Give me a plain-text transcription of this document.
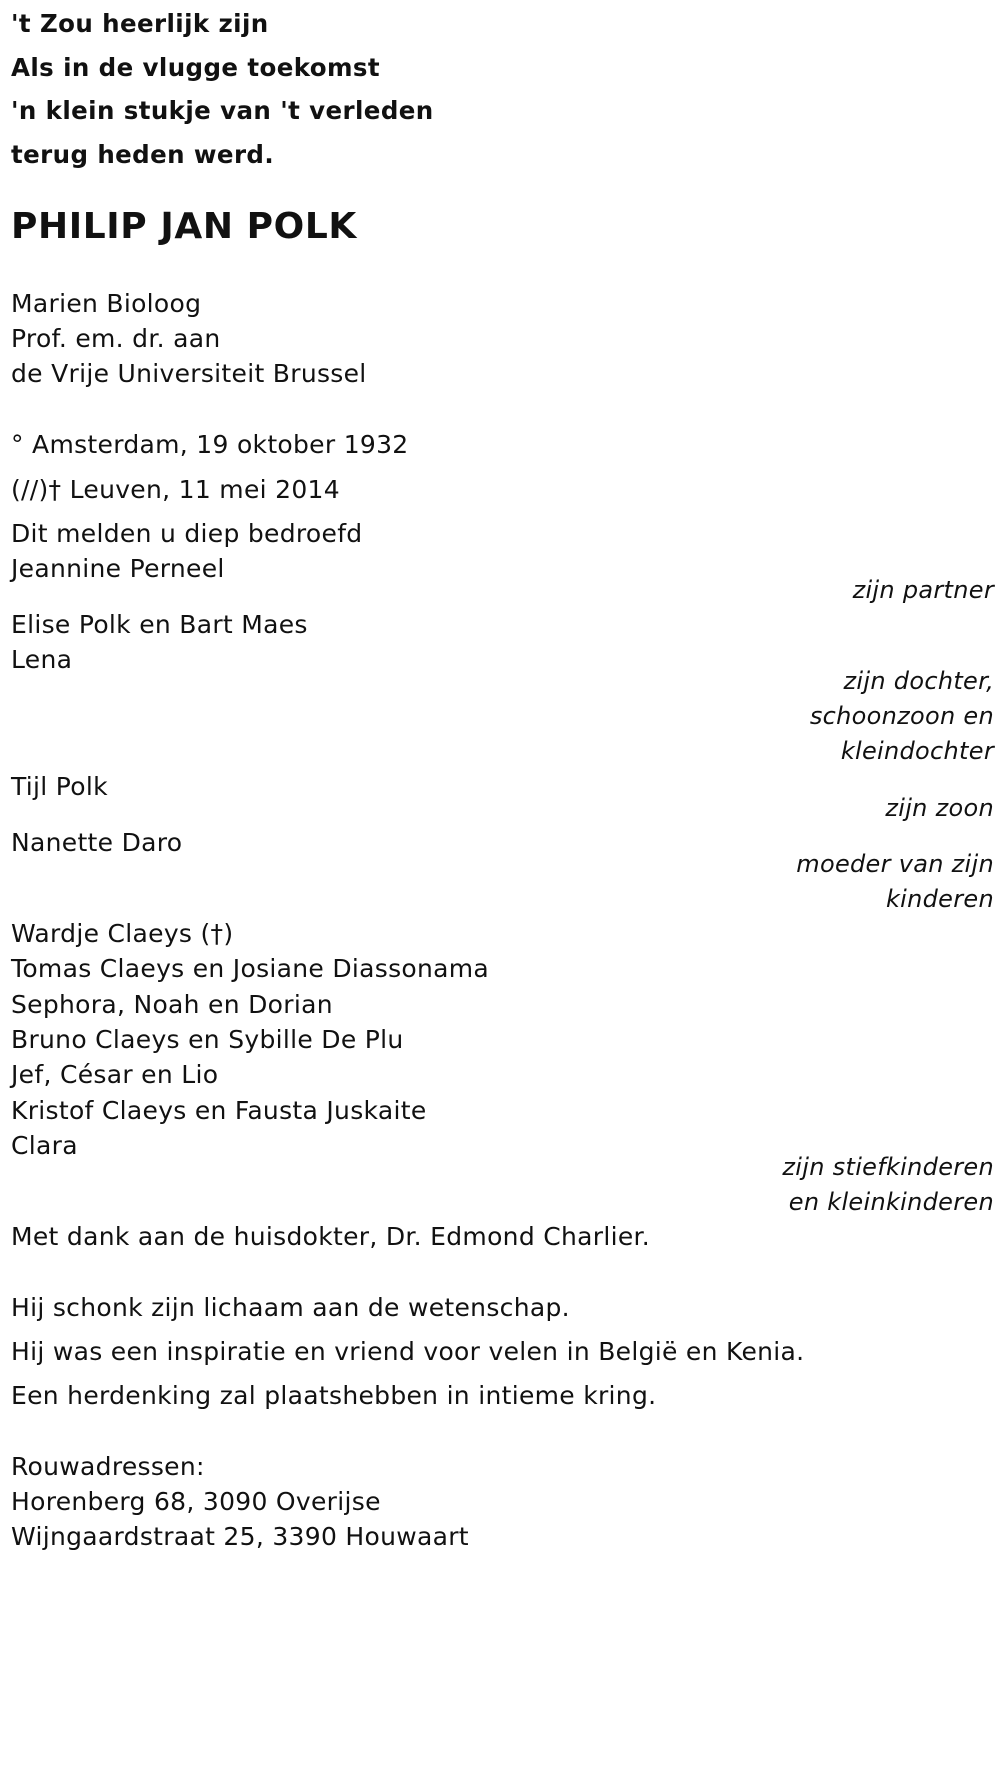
't Zou heerlijk zijn
Als in de vlugge toekomst
'n klein stukje van 't verleden
terug heden werd.
PHILIP JAN POLK
Marien Bioloog
Prof. em. dr. aan
de Vrije Universiteit Brussel
° Amsterdam, 19 oktober 1932
(//)† Leuven, 11 mei 2014
Dit melden u diep bedroefd
Jeannine Perneel
zijn partner
Elise Polk en Bart Maes
Lena
zijn dochter,
schoonzoon en
kleindochter
Tijl Polk
zijn zoon
Nanette Daro
moeder van zijn
kinderen
Wardje Claeys (†)
Tomas Claeys en Josiane Diassonama
Sephora, Noah en Dorian
Bruno Claeys en Sybille De Plu
Jef, César en Lio
Kristof Claeys en Fausta Juskaite
Clara
zijn stiefkinderen
en kleinkinderen
Met dank aan de huisdokter, Dr. Edmond Charlier.
Hij schonk zijn lichaam aan de wetenschap.
Hij was een inspiratie en vriend voor velen in België en Kenia.
Een herdenking zal plaatshebben in intieme kring.
Rouwadressen:
Horenberg 68, 3090 Overijse
Wijngaardstraat 25, 3390 Houwaart
